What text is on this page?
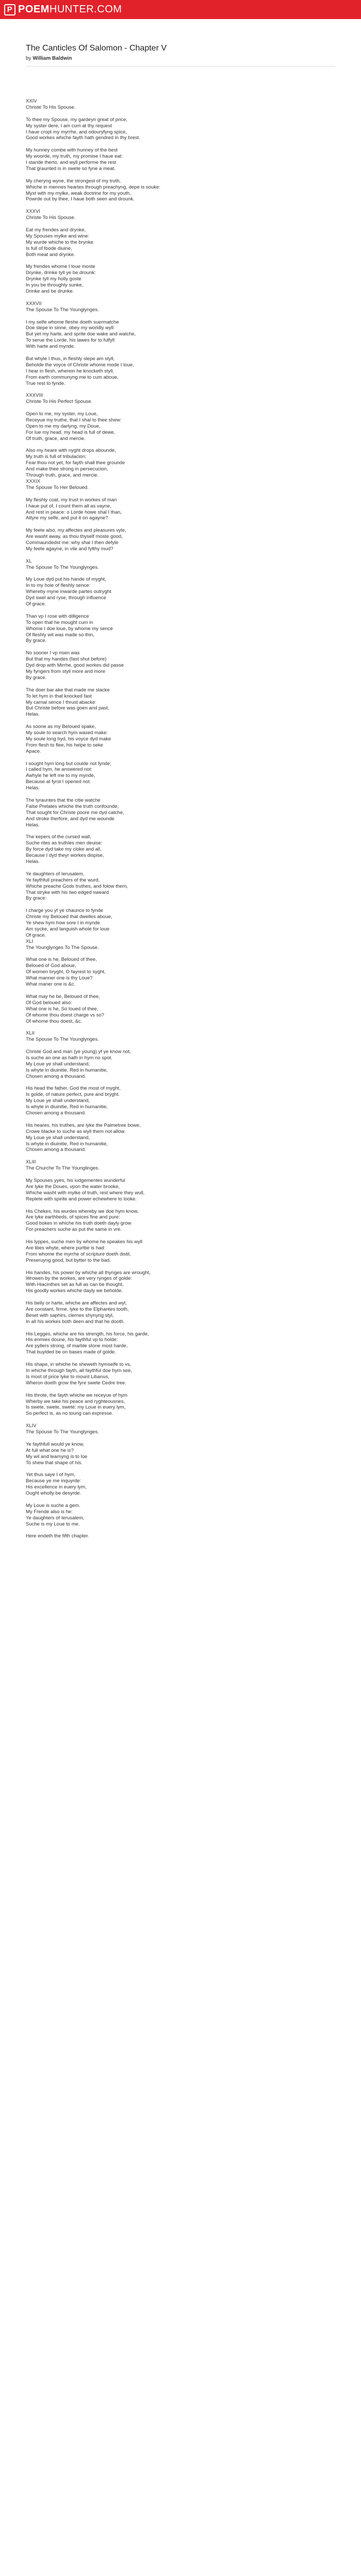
P POEM HUNTER.COM
The Canticles Of Salomon - Chapter V
by William Baldwin
XXIV
Christe To His Spouse.
To thee my Spouse, my gardeyn great of price,
My syster dere, I am cum at thy request
I haue cropt my myrrhe, and odouryfyng spice,
Good workes whiche fayth hath gendred in thy brest.
My hunney combe with hunney of the best
My woorde, my truth, my promise I haue eat:
I stande therto, and wyll performe the rest
That graunted is in swete so fyne a meat.
My cheryng wyne, the strongest of my truth,
Whiche in mennes heartes through preachyng, depe is souke:
Myxt with my mylke, weak doctrine for my youth,
Powrde out by thee, I haue both seen and drounk.
XXXVI
Christe To His Spouse.
Eat my frendes and drynke,
My Spouses mylke and wine:
My wurde whiche to the brynke
Is full of foode diuine,
Both meat and drynke.
My frendes whome I loue moste
Drynke, drinke tyll ye be drounk:
Drynke tyll my holly goste
In you be throughly sunke,
Drinke and be drunke.
XXXVII
The Spouse To The Younglynges.
I my selfe whome fleshe doeth suermatche
Doe slepe in sinne, obey my worldly wyll:
But yet my harte, and sprite doe wake and watche,
To serue the Lorde, his lawes for to fulfyll
With harte and mynde.
But whyle I thus, in fleshly slepe am styll,
Beholde the voyce of Christe whome mode I loue,
I hear in flesh, wherein he knocketh styll,
From earth communyng me to cum aboue,
True rest to fynde.
XXXVIII
Christe To His Perfect Spouse.
Open to me, my syster, my Loue,
Receyue my truthe, that I shal to thee shew:
Open to me my darlyng, my Doue,
For lue my head, my head is full of dewe,
Of truth, grace, and mercie.
Also my heare with nyght drops abounde,
My truth is full of tribulacion:
Fear thou not yet, for fayth shall thee grounde
And make thee strong in persecucion,
Through truth, grace, and mercie.
XXXIX
The Spouse To Her Beloued.
My fleshly coat, my trust in workes of man
I haue put of, I count them all as vayne,
And rest in peace: o Lorde howe shal I than,
Attyre my selfe, and put it on agayne?
My feete also, my affectes and pleasures vyle,
Are washt away, as thou thyself moste good,
Commaundedst me: why shal I then defyle
My feete agayne, in vile and fylthy mud?
XL
The Spouse To The Younglynges.
My Loue dyd put his hande of myght,
In to my hole of fleshly sence:
Whereby myne inwarde partes outryght
Dyd swel and ryse, through influence
Of grace.
Than vp I rose with dilligence
To open that he mought cum in
Whome I doe loue, by whome my sence
Of fleshly wit was made so thin,
By grace.
No sooner I vp risen was
But that my handes (fast shut before)
Dyd drop with Mirrhe, good workes did passe
My fyngers from styll more and more
By grace.
The doer bar ake that made me slacke
To let hym in that knocked fast
My carnal sence I thrust abacke:
But Christe before was goen and past,
Helas.
As soone as my Beloued spake,
My soule to search hym waxed make:
My soule long hyd, his voyce dyd make
From flesh to flee, his helpe to seke
Apace.
I sought hym long but coulde not fynde;
I called hym, he answered not:
Awhyle he left me to my mynde,
Because at fyrst I opened not.
Helas.
The tyrauntes that the citie watche
False Prelates whiche the truth confounde,
That sought for Christe poore me dyd catche,
And stroke therfore, and dyd me wounde
Helas.
The kepers of the cursed wall,
Suche rites as truthles men deuise:
By force dyd take my cloke and all,
Because I dyd theyr workes dispise,
Helas.
Ye daughters of Ierusalem,
Ye faythfull preachers of the wurd,
Whiche preache Gods truthes, and folow them,
That stryke with his two edged sweard
By grace:
I charge you yf ye chaunce to fynde
Christe my Beloued that dwelles aboue,
Ye shew hym how sore I in mynde
Am sycke, and languish whole for loue
Of grace.
XLI
The Younglynges To The Spouse.
What one is he, Beloued of thee,
Beloued of God aboue,
Of women bryght, O fayrest to syght,
What manner one is thy Loue?
What maner one is &c.
What may he be, Beloued of thee,
Of God beloued also:
What one is he, So loued of thee,
Of whome thou doest charge vs so?
Of whome thou doest, &c.
XLII
The Spouse To The Younglynges.
Christe God and man (ye young) yf ye know not,
Is suche an one as hath in hym no spot.
My Loue ye shall understand,
Is whyte in diuinitie, Red in humanitie,
Chosen among a thousand.
His head the father, God the most of myght,
Is golde, of nature perfect, pure and bryght.
My Loue ye shall understand,
Is whyte in diuinitie, Red in humanitie,
Chosen among a thousand.
His heares, his truthes, are lyke the Palmetree bowe,
Crowe blacke to suche as wyll them not allow.
My Loue ye shall understand,
Is whyte in diuinitie, Red in humanitie,
Chosen among a thousand.
XLIII
The Churche To The Younglinges.
My Spouses yyes, his iudgementes wunderful
Are lyke the Doues, vpon the water brooke,
Whiche washt with mylke of truth, rest where they wull,
Replete with spirite and power echewhere to looke.
His Chekes, his wurdes whereby we doe hym know,
Are lyke earthbeds, of spices fine and pure:
Good bokes in whiche his truth doeth dayly grow
For preachers suche as put the same in vre.
His lyppes, suche men by whome he speakes his wyll
Are lilies whyte, where purttie is had:
From whome the myrrhe of scripture doeth distil,
Preseruyng good, but bytter to the bad.
His handes, his power by whiche all thynges are wrought,
Wrowen by the workes, are very rynges of golde:
With Hiacinthes set as full as can be thought,
His goodly workes whiche dayly we beholde.
His belly or harte, whiche are affectes and wyl,
Are constant, firme, lyke to the Elphantes tooth,
Beset with saphirs, clernes shynyng styl,
In all his workes both deen and that he dooth.
His Legges, whiche are his strength, his force, his garde,
His enmies doune, his faythful vp to holde:
Are pyllers strong, of marble stone most harde,
That buylded be on bases made of golde.
His shape, in whiche he sheweth hymselfe to vs,
In whiche through fayth, all faythful doe hym see,
Is most of price lyke to mount Libanus,
Wheron doeth grow the fyre swete Cedre tree.
His throte, the fayth whiche we receyue of hym
Wherby we take his peace and ryghteousnes,
Is swete, swete, swete: my Loue in euery lym,
So perfect is, as no toung can expresse.
XLIV
The Spouse To The Younglynges.
Ye faythfull would ye know,
At full what one he is?
My wil and learnyng is to loe
To shew that shape of his.
Yet thus saye I of hym,
Because ye me inquyrde:
His excellence in euery lym,
Ought wholly be desyrde.
My Loue is suche a gem.
My Frende also is he:
Ye daughters of Ierusalem,
Suche is my Loue to me.
Here endeth the fifth chapter.
